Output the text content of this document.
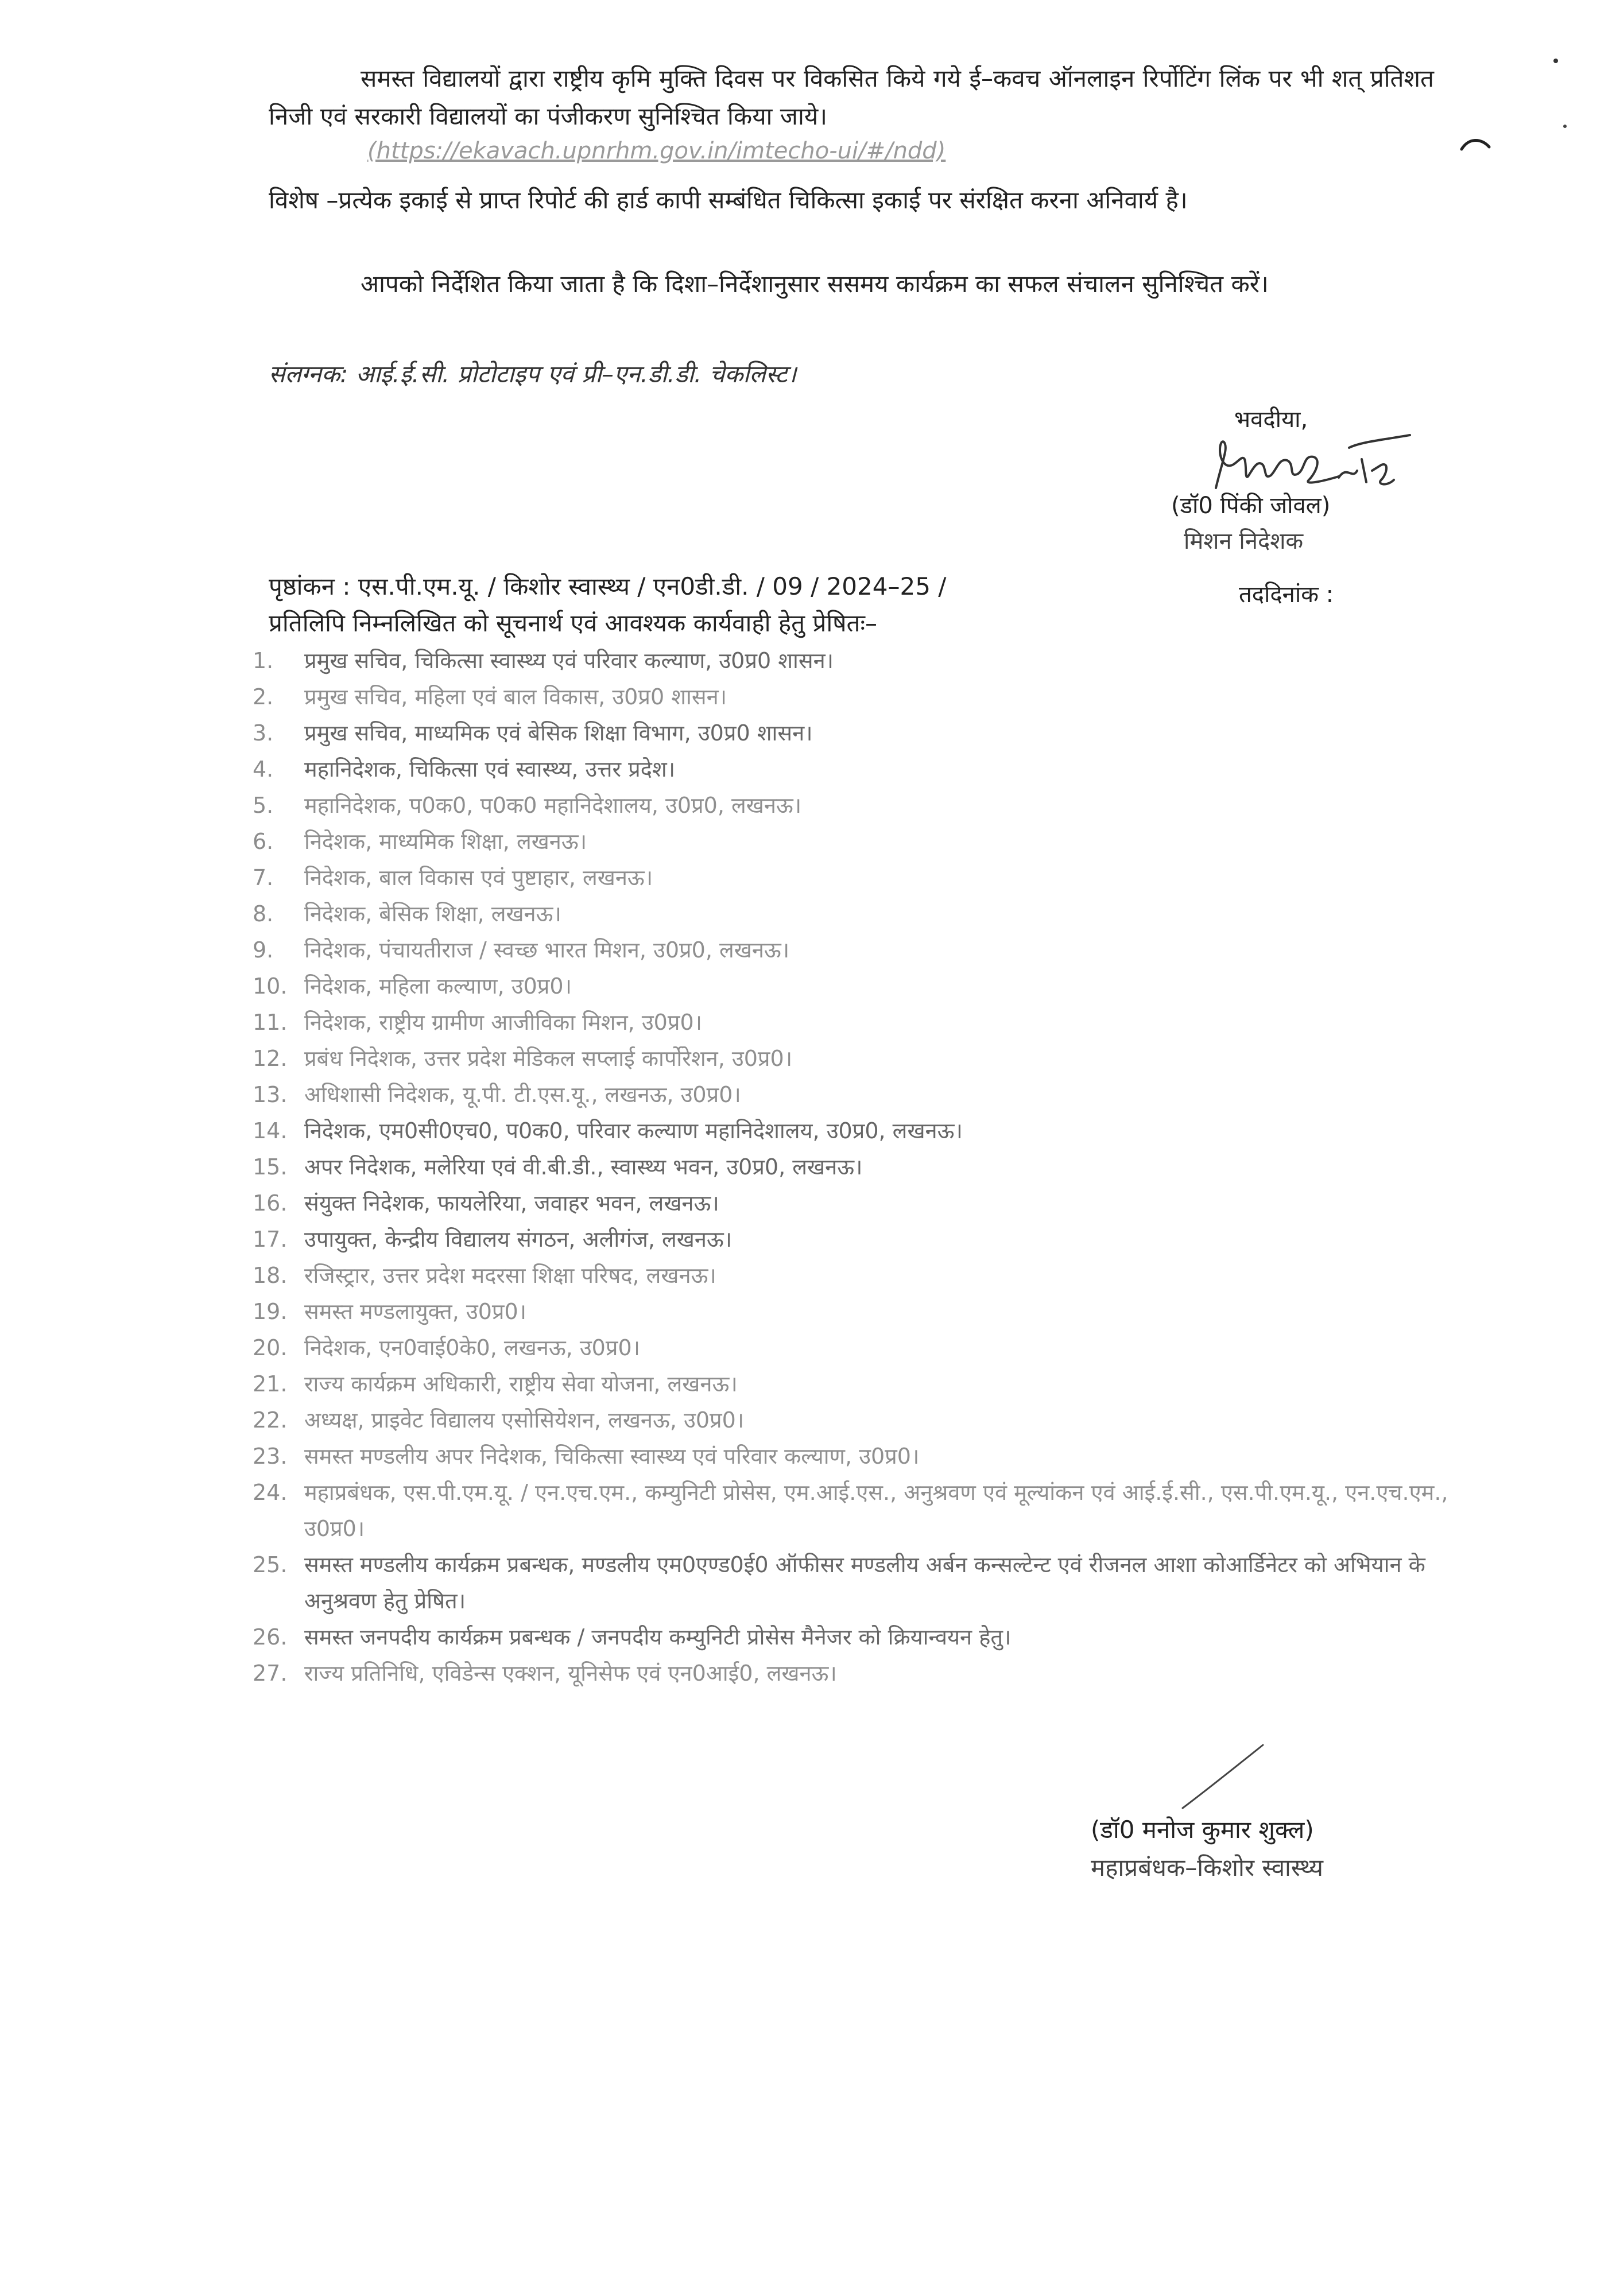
समस्त विद्यालयों द्वारा राष्ट्रीय कृमि मुक्ति दिवस पर विकसित किये गये ई–कवच ऑनलाइन रिर्पोटिंग लिंक पर भी शत् प्रतिशत निजी एवं सरकारी विद्यालयों का पंजीकरण सुनिश्चित किया जाये।
(https://ekavach.upnrhm.gov.in/imtecho-ui/#/ndd)
विशेष –प्रत्येक इकाई से प्राप्त रिपोर्ट की हार्ड कापी सम्बंधित चिकित्सा इकाई पर संरक्षित करना अनिवार्य है।
आपको निर्देशित किया जाता है कि दिशा–निर्देशानुसार ससमय कार्यक्रम का सफल संचालन सुनिश्चित करें।
संलग्नक: आई.ई.सी. प्रोटोटाइप एवं प्री–एन.डी.डी. चेकलिस्ट।
भवदीया,
(डॉ0 पिंकी जोवल)
मिशन निदेशक
पृष्ठांकन : एस.पी.एम.यू. / किशोर स्वास्थ्य / एन0डी.डी. / 09 / 2024–25 /	तददिनांक :
प्रतिलिपि निम्नलिखित को सूचनार्थ एवं आवश्यक कार्यवाही हेतु प्रेषितः–
1.	प्रमुख सचिव, चिकित्सा स्वास्थ्य एवं परिवार कल्याण, उ0प्र0 शासन।
2.	प्रमुख सचिव, महिला एवं बाल विकास, उ0प्र0 शासन।
3.	प्रमुख सचिव, माध्यमिक एवं बेसिक शिक्षा विभाग, उ0प्र0 शासन।
4.	महानिदेशक, चिकित्सा एवं स्वास्थ्य, उत्तर प्रदेश।
5.	महानिदेशक, प0क0, प0क0 महानिदेशालय, उ0प्र0, लखनऊ।
6.	निदेशक, माध्यमिक शिक्षा, लखनऊ।
7.	निदेशक, बाल विकास एवं पुष्टाहार, लखनऊ।
8.	निदेशक, बेसिक शिक्षा, लखनऊ।
9.	निदेशक, पंचायतीराज / स्वच्छ भारत मिशन, उ0प्र0, लखनऊ।
10. निदेशक, महिला कल्याण, उ0प्र0।
11. निदेशक, राष्ट्रीय ग्रामीण आजीविका मिशन, उ0प्र0।
12. प्रबंध निदेशक, उत्तर प्रदेश मेडिकल सप्लाई कार्पोरेशन, उ0प्र0।
13. अधिशासी निदेशक, यू.पी. टी.एस.यू., लखनऊ, उ0प्र0।
14. निदेशक, एम0सी0एच0, प0क0, परिवार कल्याण महानिदेशालय, उ0प्र0, लखनऊ।
15. अपर निदेशक, मलेरिया एवं वी.बी.डी., स्वास्थ्य भवन, उ0प्र0, लखनऊ।
16. संयुक्त निदेशक, फायलेरिया, जवाहर भवन, लखनऊ।
17. उपायुक्त, केन्द्रीय विद्यालय संगठन, अलीगंज, लखनऊ।
18. रजिस्ट्रार, उत्तर प्रदेश मदरसा शिक्षा परिषद, लखनऊ।
19. समस्त मण्डलायुक्त, उ0प्र0।
20. निदेशक, एन0वाई0के0, लखनऊ, उ0प्र0।
21. राज्य कार्यक्रम अधिकारी, राष्ट्रीय सेवा योजना, लखनऊ।
22. अध्यक्ष, प्राइवेट विद्यालय एसोसियेशन, लखनऊ, उ0प्र0।
23. समस्त मण्डलीय अपर निदेशक, चिकित्सा स्वास्थ्य एवं परिवार कल्याण, उ0प्र0।
24. महाप्रबंधक, एस.पी.एम.यू. / एन.एच.एम., कम्युनिटी प्रोसेस, एम.आई.एस., अनुश्रवण एवं मूल्यांकन एवं आई.ई.सी., एस.पी.एम.यू., एन.एच.एम., उ0प्र0।
25. समस्त मण्डलीय कार्यक्रम प्रबन्धक, मण्डलीय एम0एण्ड0ई0 ऑफीसर मण्डलीय अर्बन कन्सल्टेन्ट एवं रीजनल आशा कोआर्डिनेटर को अभियान के अनुश्रवण हेतु प्रेषित।
26. समस्त जनपदीय कार्यक्रम प्रबन्धक / जनपदीय कम्युनिटी प्रोसेस मैनेजर को क्रियान्वयन हेतु।
27. राज्य प्रतिनिधि, एविडेन्स एक्शन, यूनिसेफ एवं एन0आई0, लखनऊ।
(डॉ0 मनोज कुमार शुक्ल)
महाप्रबंधक–किशोर स्वास्थ्य
